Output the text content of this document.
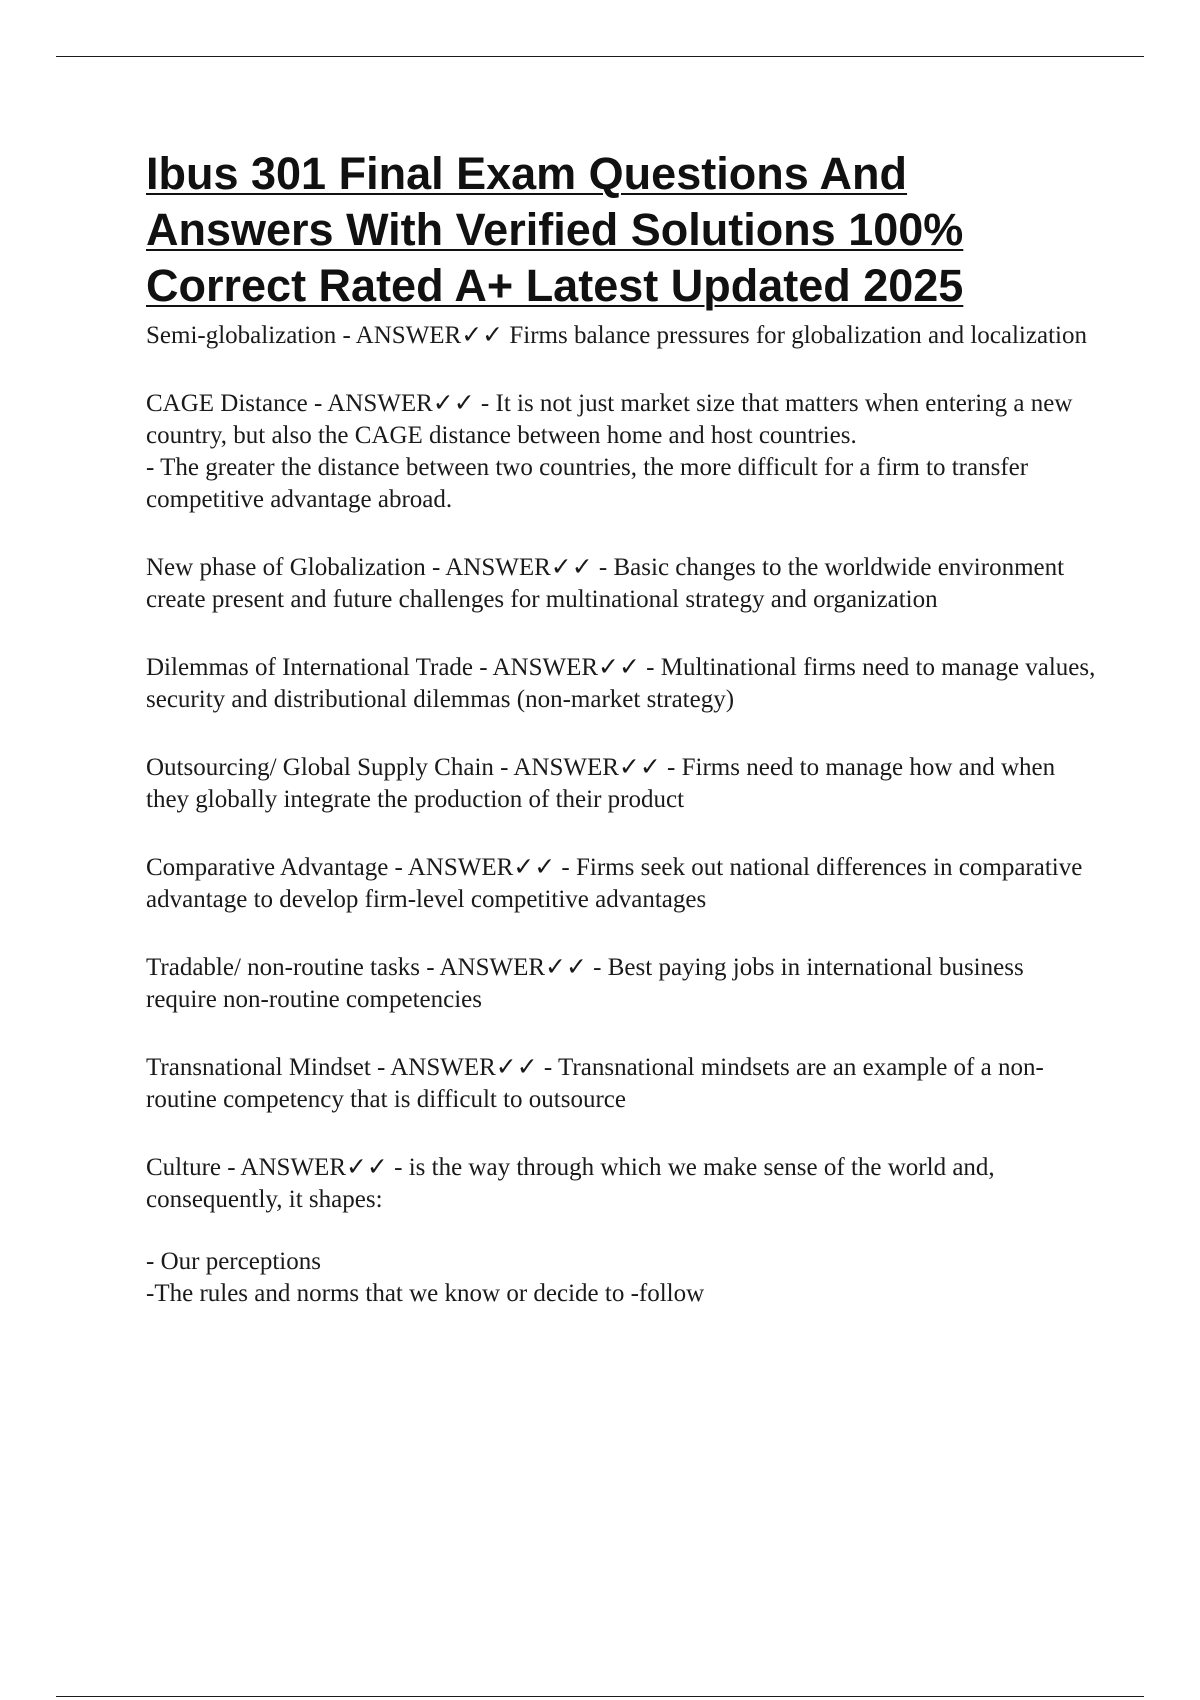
Ibus 301 Final Exam Questions And Answers With Verified Solutions 100% Correct Rated A+ Latest Updated 2025
Semi-globalization - ANSWER✓✓ Firms balance pressures for globalization and localization
CAGE Distance - ANSWER✓✓ - It is not just market size that matters when entering a new country, but also the CAGE distance between home and host countries.
- The greater the distance between two countries, the more difficult for a firm to transfer competitive advantage abroad.
New phase of Globalization - ANSWER✓✓ - Basic changes to the worldwide environment create present and future challenges for multinational strategy and organization
Dilemmas of International Trade - ANSWER✓✓ - Multinational firms need to manage values, security and distributional dilemmas (non-market strategy)
Outsourcing/ Global Supply Chain - ANSWER✓✓ - Firms need to manage how and when they globally integrate the production of their product
Comparative Advantage - ANSWER✓✓ - Firms seek out national differences in comparative advantage to develop firm-level competitive advantages
Tradable/ non-routine tasks - ANSWER✓✓ - Best paying jobs in international business require non-routine competencies
Transnational Mindset - ANSWER✓✓ - Transnational mindsets are an example of a non-routine competency that is difficult to outsource
Culture - ANSWER✓✓ - is the way through which we make sense of the world and, consequently, it shapes:
- Our perceptions
-The rules and norms that we know or decide to -follow
